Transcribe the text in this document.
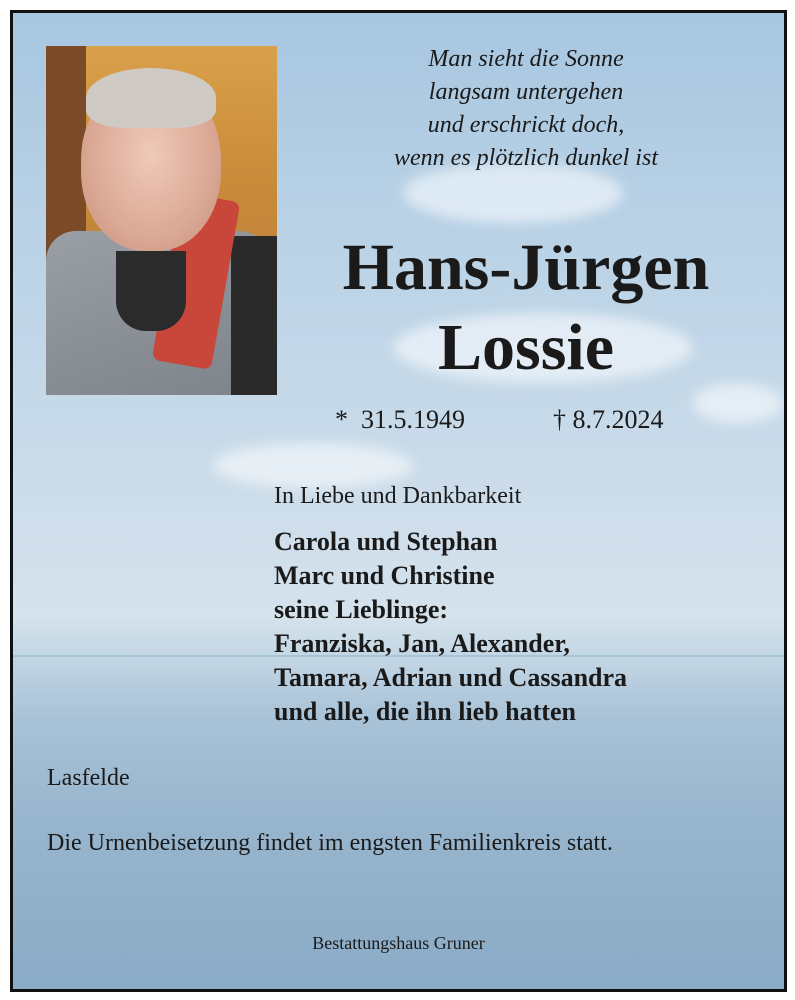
Man sieht die Sonne
langsam untergehen
und erschrickt doch,
wenn es plötzlich dunkel ist
Hans-Jürgen
Lossie
* 31.5.1949	† 8.7.2024
In Liebe und Dankbarkeit
Carola und Stephan
Marc und Christine
seine Lieblinge:
Franziska, Jan, Alexander,
Tamara, Adrian und Cassandra
und alle, die ihn lieb hatten
Lasfelde
Die Urnenbeisetzung findet im engsten Familienkreis statt.
Bestattungshaus Gruner
